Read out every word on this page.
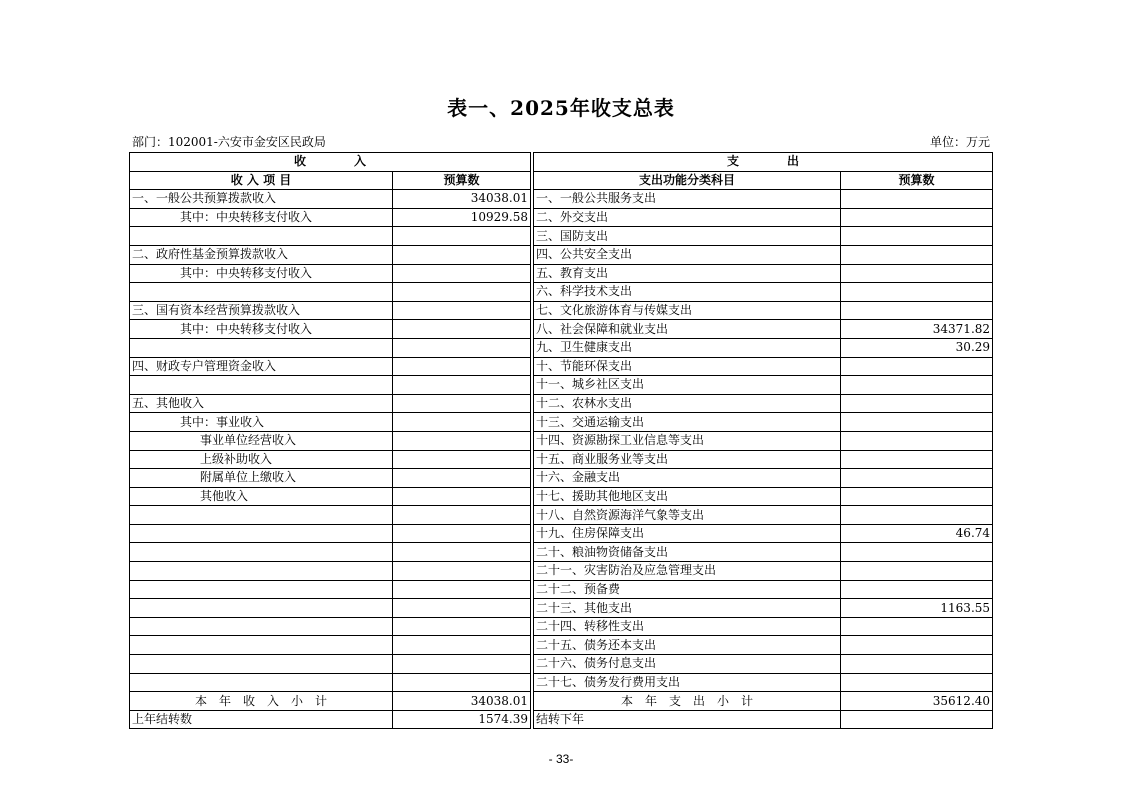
表一、2025年收支总表
部门：102001-六安市金安区民政局	单位：万元
收　　　　入			支　　　　出	
收 入 项 目	预算数		支出功能分类科目	预算数
一、一般公共预算拨款收入	34038.01		一、一般公共服务支出	
其中：中央转移支付收入	10929.58		二、外交支出	
			三、国防支出	
二、政府性基金预算拨款收入			四、公共安全支出	
其中：中央转移支付收入			五、教育支出	
			六、科学技术支出	
三、国有资本经营预算拨款收入			七、文化旅游体育与传媒支出	
其中：中央转移支付收入			八、社会保障和就业支出	34371.82
			九、卫生健康支出	30.29
四、财政专户管理资金收入			十、节能环保支出	
			十一、城乡社区支出	
五、其他收入			十二、农林水支出	
其中：事业收入			十三、交通运输支出	
事业单位经营收入			十四、资源勘探工业信息等支出	
上级补助收入			十五、商业服务业等支出	
附属单位上缴收入			十六、金融支出	
其他收入			十七、援助其他地区支出	
			十八、自然资源海洋气象等支出	
			十九、住房保障支出	46.74
			二十、粮油物资储备支出	
			二十一、灾害防治及应急管理支出	
			二十二、预备费	
			二十三、其他支出	1163.55
			二十四、转移性支出	
			二十五、债务还本支出	
			二十六、债务付息支出	
			二十七、债务发行费用支出	
本　年　收　入　小　计	34038.01		本　年　支　出　小　计	35612.40
上年结转数	1574.39		结转下年	
- 33-
